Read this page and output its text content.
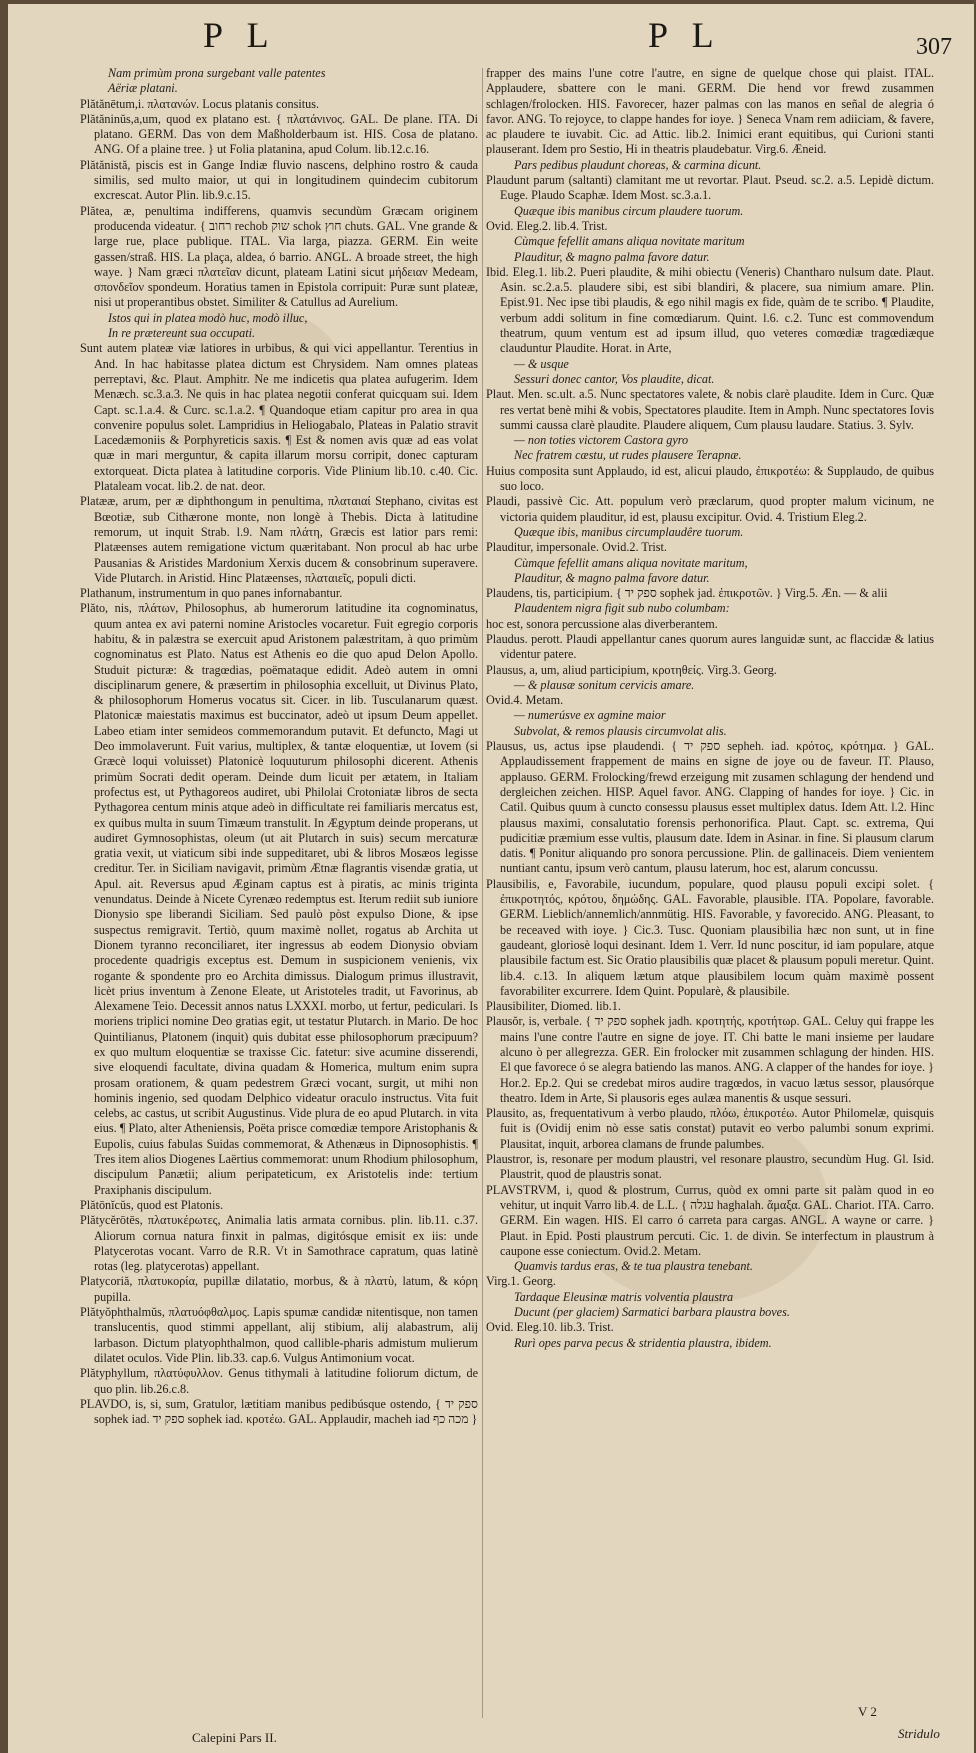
P L	P L	307

Nam primùm prona surgebant valle patentes

Aëriæ platani.

Plătănētum,i. πλατανών. Locus platanis consitus.

Plătăninŭs,a,um, quod ex platano est. { πλατάνινος. GAL. De plane. ITA. Di platano. GERM. Das von dem Maßholderbaum ist. HIS. Cosa de platano. ANG. Of a plaine tree. } ut Folia platanina, apud Colum. lib.12.c.16.

Plătănistă, piscis est in Gange Indiæ fluvio nascens, delphino rostro & cauda similis, sed multo maior, ut qui in longitudinem quindecim cubitorum excrescat. Autor Plin. lib.9.c.15.

Plătea, æ, penultima indifferens, quamvis secundùm Græcam originem producenda videatur. { רחוב rechob שוק schok חוץ chuts. GAL. Vne grande & large rue, place publique. ITAL. Via larga, piazza. GERM. Ein weite gassen/straß. HIS. La plaça, aldea, ó barrio. ANGL. A broade street, the high waye. } Nam græci πλατεῖαν dicunt, plateam Latini sicut μήδειαν Medeam, σπονδεῖον spondeum. Horatius tamen in Epistola corripuit: Puræ sunt plateæ, nisi ut properantibus obstet. Similiter & Catullus ad Aurelium.

Istos qui in platea modò huc, modò illuc,

In re prætereunt sua occupati.

Sunt autem plateæ viæ latiores in urbibus, & qui vici appellantur. Terentius in And. In hac habitasse platea dictum est Chrysidem. Nam omnes plateas perreptavi, &c. Plaut. Amphitr. Ne me indicetis qua platea aufugerim. Idem Menæch. sc.3.a.3. Ne quis in hac platea negotii conferat quicquam sui. Idem Capt. sc.1.a.4. & Curc. sc.1.a.2. ¶ Quandoque etiam capitur pro area in qua convenire populus solet. Lampridius in Heliogabalo, Plateas in Palatio stravit Lacedæmoniis & Porphyreticis saxis. ¶ Est & nomen avis quæ ad eas volat quæ in mari merguntur, & capita illarum morsu corripit, donec capturam extorqueat. Dicta platea à latitudine corporis. Vide Plinium lib.10. c.40. Cic. Plataleam vocat. lib.2. de nat. deor.

Platææ, arum, per æ diphthongum in penultima, πλαταιαί Stephano, civitas est Bœotiæ, sub Cithærone monte, non longè à Thebis. Dicta à latitudine remorum, ut inquit Strab. l.9. Nam πλάτη, Græcis est latior pars remi: Platæenses autem remigatione victum quæritabant. Non procul ab hac urbe Pausanias & Aristides Mardonium Xerxis ducem & consobrinum superavere. Vide Plutarch. in Aristid. Hinc Platæenses, πλαταιεῖς, populi dicti.

Plathanum, instrumentum in quo panes infornabantur.

Plăto, nis, πλάτων, Philosophus, ab humerorum latitudine ita cognominatus, quum antea ex avi paterni nomine Aristocles vocaretur. Fuit egregio corporis habitu, & in palæstra se exercuit apud Aristonem palæstritam, à quo primùm cognominatus est Plato. Natus est Athenis eo die quo apud Delon Apollo. Studuit picturæ: & tragœdias, poëmataque edidit. Adeò autem in omni disciplinarum genere, & præsertim in philosophia excelluit, ut Divinus Plato, & philosophorum Homerus vocatus sit. Cicer. in lib. Tusculanarum quæst. Platonicæ maiestatis maximus est buccinator, adeò ut ipsum Deum appellet. Labeo etiam inter semideos commemorandum putavit. Et defuncto, Magi ut Deo immolaverunt. Fuit varius, multiplex, & tantæ eloquentiæ, ut Iovem (si Græcè loqui voluisset) Platonicè loquuturum philosophi dicerent. Athenis primùm Socrati dedit operam. Deinde dum licuit per ætatem, in Italiam profectus est, ut Pythagoreos audiret, ubi Philolai Crotoniatæ libros de secta Pythagorea centum minis atque adeò in difficultate rei familiaris mercatus est, ex quibus multa in suum Timæum transtulit. In Ægyptum deinde properans, ut audiret Gymnosophistas, oleum (ut ait Plutarch in suis) secum mercaturæ gratia vexit, ut viaticum sibi inde suppeditaret, ubi & libros Mosæos legisse creditur. Ter. in Siciliam navigavit, primùm Ætnæ flagrantis visendæ gratia, ut Apul. ait. Reversus apud Æginam captus est à piratis, ac minis triginta venundatus. Deinde à Nicete Cyrenæo redemptus est. Iterum rediit sub iuniore Dionysio spe liberandi Siciliam. Sed paulò pòst expulso Dione, & ipse suspectus remigravit. Tertiò, quum maximè nollet, rogatus ab Archita ut Dionem tyranno reconciliaret, iter ingressus ab eodem Dionysio obviam procedente quadrigis exceptus est. Demum in suspicionem venienis, vix rogante & spondente pro eo Archita dimissus. Dialogum primus illustravit, licèt prius inventum à Zenone Eleate, ut Aristoteles tradit, ut Favorinus, ab Alexamene Teio. Decessit annos natus LXXXI. morbo, ut fertur, pediculari. Is moriens triplici nomine Deo gratias egit, ut testatur Plutarch. in Mario. De hoc Quintilianus, Platonem (inquit) quis dubitat esse philosophorum præcipuum? ex quo multum eloquentiæ se traxisse Cic. fatetur: sive acumine disserendi, sive eloquendi facultate, divina quadam & Homerica, multum enim supra prosam orationem, & quam pedestrem Græci vocant, surgit, ut mihi non hominis ingenio, sed quodam Delphico videatur oraculo instructus. Vita fuit celebs, ac castus, ut scribit Augustinus. Vide plura de eo apud Plutarch. in vita eius. ¶ Plato, alter Atheniensis, Poëta prisce comœdiæ tempore Aristophanis & Eupolis, cuius fabulas Suidas commemorat, & Athenæus in Dipnosophistis. ¶ Tres item alios Diogenes Laërtius commemorat: unum Rhodium philosophum, discipulum Panætii; alium peripateticum, ex Aristotelis inde: tertium Praxiphanis discipulum.

Plătōnĭcŭs, quod est Platonis.

Plătycĕrōtēs, πλατυκέρωτες, Animalia latis armata cornibus. plin. lib.11. c.37. Aliorum cornua natura finxit in palmas, digitósque emisit ex iis: unde Platycerotas vocant. Varro de R.R. Vt in Samothrace capratum, quas latinè rotas (leg. platycerotas) appellant.

Platycoriă, πλατυκορία, pupillæ dilatatio, morbus, & à πλατὺ, latum, & κόρη pupilla.

Plătyŏphthalmŭs, πλατυόφθαλμος. Lapis spumæ candidæ nitentisque, non tamen translucentis, quod stimmi appellant, alij stibium, alij alabastrum, alij larbason. Dictum platyophthalmon, quod callible-pharis admistum mulierum dilatet oculos. Vide Plin. lib.33. cap.6. Vulgus Antimonium vocat.

Plătyphyllum, πλατύφυλλον. Genus tithymali à latitudine foliorum dictum, de quo plin. lib.26.c.8.

PLAVDO, is, si, sum, Gratulor, lætitiam manibus pedibúsque ostendo, { ספק יד sophek iad. ספק יד sophek iad. κροτέω. GAL. Applaudir, macheh iad מכה כף }

frapper des mains l'une cotre l'autre, en signe de quelque chose qui plaist. ITAL. Applaudere, sbattere con le mani. GERM. Die hend vor frewd zusammen schlagen/frolocken. HIS. Favorecer, hazer palmas con las manos en señal de alegria ó favor. ANG. To rejoyce, to clappe handes for ioye. } Seneca Vnam rem adiiciam, & favere, ac plaudere te iuvabit. Cic. ad Attic. lib.2. Inimici erant equitibus, qui Curioni stanti plauserant. Idem pro Sestio, Hi in theatris plaudebatur. Virg.6. Æneid.

Pars pedibus plaudunt choreas, & carmina dicunt.

Plaudunt parum (saltanti) clamitant me ut revortar. Plaut. Pseud. sc.2. a.5. Lepidè dictum. Euge. Plaudo Scaphæ. Idem Most. sc.3.a.1.

Quæque ibis manibus circum plaudere tuorum.

Ovid. Eleg.2. lib.4. Trist.

Cùmque fefellit amans aliqua novitate maritum

Plauditur, & magno palma favore datur.

Ibid. Eleg.1. lib.2. Pueri plaudite, & mihi obiectu (Veneris) Chantharo nulsum date. Plaut. Asin. sc.2.a.5. plaudere sibi, est sibi blandiri, & placere, sua nimium amare. Plin. Epist.91. Nec ipse tibi plaudis, & ego nihil magis ex fide, quàm de te scribo. ¶ Plaudite, verbum addi solitum in fine comœdiarum. Quint. l.6. c.2. Tunc est commovendum theatrum, quum ventum est ad ipsum illud, quo veteres comœdiæ tragœdiæque clauduntur Plaudite. Horat. in Arte,

— & usque

Sessuri donec cantor, Vos plaudite, dicat.

Plaut. Men. sc.ult. a.5. Nunc spectatores valete, & nobis clarè plaudite. Idem in Curc. Quæ res vertat benè mihi & vobis, Spectatores plaudite. Item in Amph. Nunc spectatores Iovis summi caussa clarè plaudite. Plaudere aliquem, Cum plausu laudare. Statius. 3. Sylv.

— non toties victorem Castora gyro

Nec fratrem cæstu, ut rudes plausere Terapnæ.

Huius composita sunt Applaudo, id est, alicui plaudo, ἐπικροτέω: & Supplaudo, de quibus suo loco.

Plaudi, passivè Cic. Att. populum verò præclarum, quod propter malum vicinum, ne victoria quidem plauditur, id est, plausu excipitur. Ovid. 4. Tristium Eleg.2.

Quæque ibis, manibus circumplaudêre tuorum.

Plauditur, impersonale. Ovid.2. Trist.

Cùmque fefellit amans aliqua novitate maritum,

Plauditur, & magno palma favore datur.

Plaudens, tis, participium. { ספק יד sophek jad. ἐπικροτῶν. } Virg.5. Æn. — & alii

Plaudentem nigra figit sub nubo columbam:

hoc est, sonora percussione alas diverberantem.

Plaudus. perott. Plaudi appellantur canes quorum aures languidæ sunt, ac flaccidæ & latius videntur patere.

Plausus, a, um, aliud participium, κροτηθείς. Virg.3. Georg.

— & plausæ sonitum cervicis amare.

Ovid.4. Metam.

— numerúsve ex agmine maior

Subvolat, & remos plausis circumvolat alis.

Plausus, us, actus ipse plaudendi. { ספק יד sepheh. iad. κρότος, κρότημα. } GAL. Applaudissement frappement de mains en signe de joye ou de faveur. IT. Plauso, applauso. GERM. Frolocking/frewd erzeigung mit zusamen schlagung der hendend und dergleichen zeichen. HISP. Aquel favor. ANG. Clapping of handes for ioye. } Cic. in Catil. Quibus quum à cuncto consessu plausus esset multiplex datus. Idem Att. l.2. Hinc plausus maximi, consalutatio forensis perhonorifica. Plaut. Capt. sc. extrema, Qui pudicitiæ præmium esse vultis, plausum date. Idem in Asinar. in fine. Si plausum clarum datis. ¶ Ponitur aliquando pro sonora percussione. Plin. de gallinaceis. Diem venientem nuntiant cantu, ipsum verò cantum, plausu laterum, hoc est, alarum concussu.

Plausibilis, e, Favorabile, iucundum, populare, quod plausu populi excipi solet. { ἐπικροτητός, κρότου, δημώδης. GAL. Favorable, plausible. ITA. Popolare, favorable. GERM. Lieblich/annemlich/annmütig. HIS. Favorable, y favorecido. ANG. Pleasant, to be receaved with ioye. } Cic.3. Tusc. Quoniam plausibilia hæc non sunt, ut in fine gaudeant, gloriosè loqui desinant. Idem 1. Verr. Id nunc poscitur, id iam populare, atque plausibile factum est. Sic Oratio plausibilis quæ placet & plausum populi meretur. Quint. lib.4. c.13. In aliquem lætum atque plausibilem locum quàm maximè possent favorabiliter excurrere. Idem Quint. Popularè, & plausibile.

Plausibiliter, Diomed. lib.1.

Plausŏr, is, verbale. { ספק יד sophek jadh. κροτητής, κροτήτωρ. GAL. Celuy qui frappe les mains l'une contre l'autre en signe de joye. IT. Chi batte le mani insieme per laudare alcuno ò per allegrezza. GER. Ein frolocker mit zusammen schlagung der hinden. HIS. El que favorece ó se alegra batiendo las manos. ANG. A clapper of the handes for ioye. } Hor.2. Ep.2. Qui se credebat miros audire tragœdos, in vacuo lætus sessor, plausórque theatro. Idem in Arte, Si plausoris eges aulæa manentis & usque sessuri.

Plausito, as, frequentativum à verbo plaudo, πλόω, ἐπικροτέω. Autor Philomelæ, quisquis fuit is (Ovidij enim nò esse satis constat) putavit eo verbo palumbi sonum exprimi. Plausitat, inquit, arborea clamans de frunde palumbes.

Plaustror, is, resonare per modum plaustri, vel resonare plaustro, secundùm Hug. Gl. Isid. Plaustrit, quod de plaustris sonat.

PLAVSTRVM, i, quod & plostrum, Currus, quòd ex omni parte sit palàm quod in eo vehitur, ut inquit Varro lib.4. de L.L. { עגלה haghalah. ἅμαξα. GAL. Chariot. ITA. Carro. GERM. Ein wagen. HIS. El carro ó carreta para cargas. ANGL. A wayne or carre. } Plaut. in Epid. Posti plaustrum percuti. Cic. 1. de divin. Se interfectum in plaustrum à caupone esse coniectum. Ovid.2. Metam.

Quamvis tardus eras, & te tua plaustra tenebant.

Virg.1. Georg.

Tardaque Eleusinæ matris volventia plaustra

Ducunt (per glaciem) Sarmatici barbara plaustra boves.

Ovid. Eleg.10. lib.3. Trist.

Rurì opes parva pecus & stridentia plaustra, ibidem.

V 2
Calepini Pars II.	Stridulo
